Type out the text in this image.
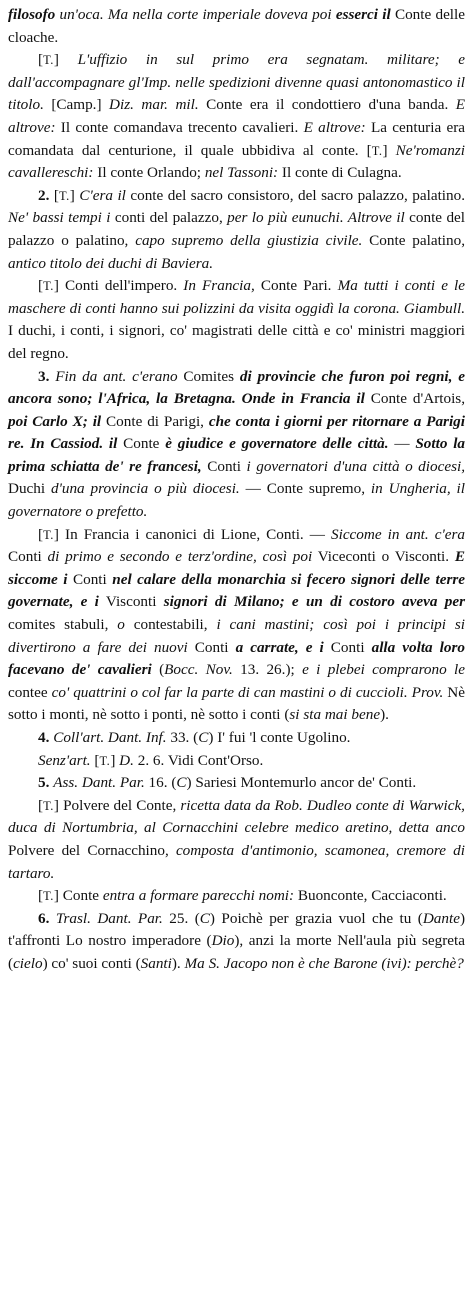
filosofo un'oca. Ma nella corte imperiale doveva poi esserci il Conte delle cloache.

[T.] L'uffizio in sul primo era segnatam. militare; e dall'accompagnare gl'Imp. nelle spedizioni divenne quasi antonomastico il titolo. [Camp.] Diz. mar. mil. Conte era il condottiero d'una banda. E altrove: Il conte comandava trecento cavalieri. E altrove: La centuria era comandata dal centurione, il quale ubbidiva al conte. [T.] Ne'romanzi cavallereschi: Il conte Orlando; nel Tassoni: Il conte di Culagna.

2. [T.] C'era il conte del sacro consistoro, del sacro palazzo, palatino. Ne' bassi tempi i conti del palazzo, per lo più eunuchi. Altrove il conte del palazzo o palatino, capo supremo della giustizia civile. Conte palatino, antico titolo dei duchi di Baviera.

[T.] Conti dell'impero. In Francia, Conte Pari. Ma tutti i conti e le maschere di conti hanno sui polizzini da visita oggidì la corona. Giambull. I duchi, i conti, i signori, co' magistrati delle città e co' ministri maggiori del regno.

3. Fin da ant. c'erano Comites di provincie che furon poi regni, e ancora sono; l'Africa, la Bretagna. Onde in Francia il Conte d'Artois, poi Carlo X; il Conte di Parigi, che conta i giorni per ritornare a Parigi re. In Cassiod. il Conte è giudice e governatore delle città. — Sotto la prima schiatta de' re francesi, Conti i governatori d'una città o diocesi, Duchi d'una provincia o più diocesi. — Conte supremo, in Ungheria, il governatore o prefetto.

[T.] In Francia i canonici di Lione, Conti. — Siccome in ant. c'era Conti di primo e secondo e terz'ordine, così poi Viceconti o Visconti. E siccome i Conti nel calare della monarchia si fecero signori delle terre governate, e i Visconti signori di Milano; e un di costoro aveva per comites stabuli, o contestabili, i cani mastini; così poi i principi si divertirono a fare dei nuovi Conti a carrate, e i Conti alla volta loro facevano de' cavalieri (Bocc. Nov. 13. 26.); e i plebei comprarono le contee co' quattrini o col far la parte di can mastini o di cucciolі. Prov. Nè sotto i monti, nè sotto i ponti, nè sotto i conti (si sta mai bene).

4. Coll'art. Dant. Inf. 33. (C) I' fui 'l conte Ugolino.

Senz'art. [T.] D. 2. 6. Vidi Cont'Orso.

5. Ass. Dant. Par. 16. (C) Sariesi Montemurlo ancor de' Conti.

[T.] Polvere del Conte, ricetta data da Rob. Dudleo conte di Warwick, duca di Nortumbria, al Cornacchini celebre medico aretino, detta anco Polvere del Cornacchino, composta d'antimonio, scamonea, cremore di tartaro.

[T.] Conte entra a formare parecchi nomi: Buonconte, Cacciaconti.

6. Trasl. Dant. Par. 25. (C) Poichè per grazia vuol che tu (Dante) t'affronti Lo nostro imperadore (Dio), anzi la morte Nell'aula più segreta (cielo) co' suoi conti (Santi). Ma S. Jacopo non è che Barone (ivi): perchè?
